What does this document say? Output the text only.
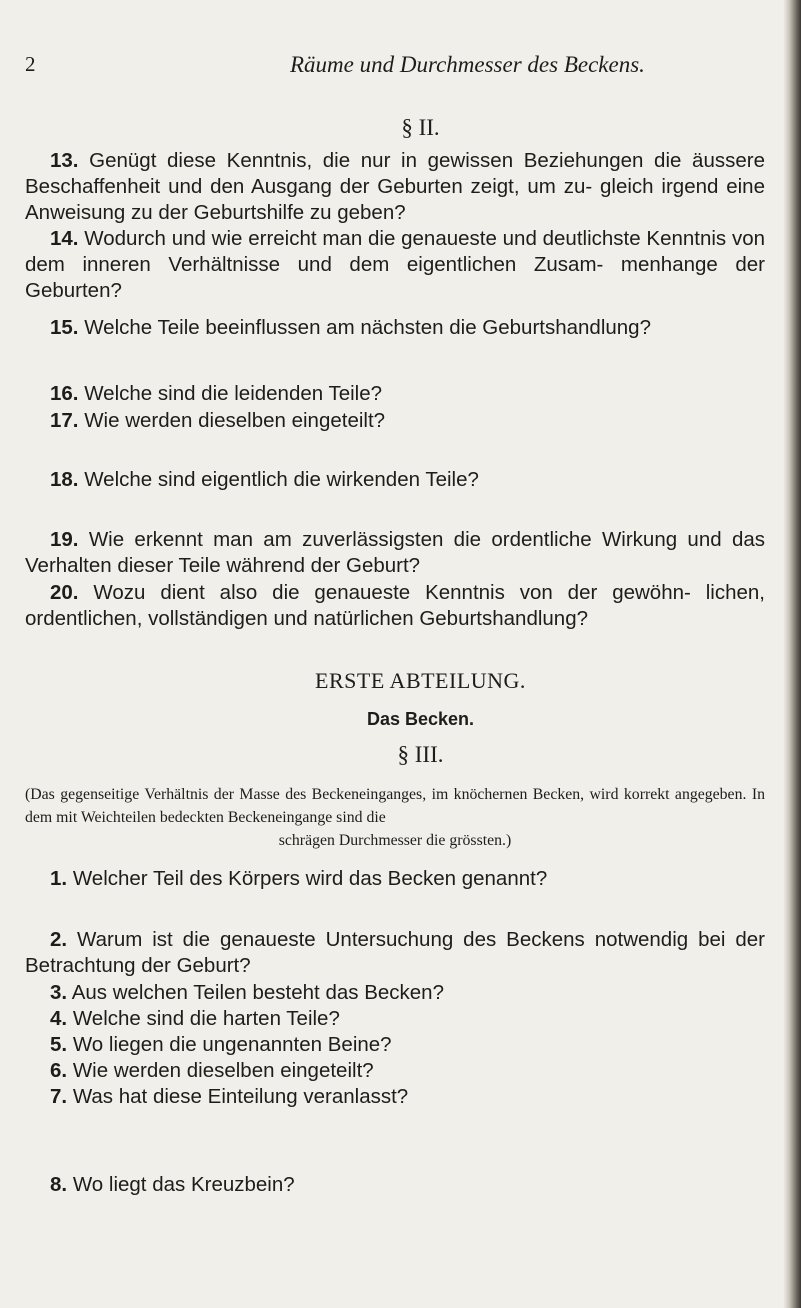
2	Räume und Durchmesser des Beckens.
§ II.
13. Genügt diese Kenntnis, die nur in gewissen Beziehungen die äussere Beschaffenheit und den Ausgang der Geburten zeigt, um zu- gleich irgend eine Anweisung zu der Geburtshilfe zu geben?
14. Wodurch und wie erreicht man die genaueste und deutlichste Kenntnis von dem inneren Verhältnisse und dem eigentlichen Zusam- menhange der Geburten?
15. Welche Teile beeinflussen am nächsten die Geburtshandlung?
16. Welche sind die leidenden Teile?
17. Wie werden dieselben eingeteilt?
18. Welche sind eigentlich die wirkenden Teile?
19. Wie erkennt man am zuverlässigsten die ordentliche Wirkung und das Verhalten dieser Teile während der Geburt?
20. Wozu dient also die genaueste Kenntnis von der gewöhn- lichen, ordentlichen, vollständigen und natürlichen Geburtshandlung?
ERSTE ABTEILUNG.
Das Becken.
§ III.
(Das gegenseitige Verhältnis der Masse des Beckeneinganges, im knöchernen Becken, wird korrekt angegeben. In dem mit Weichteilen bedeckten Beckeneingange sind die
schrägen Durchmesser die grössten.)
1. Welcher Teil des Körpers wird das Becken genannt?
2. Warum ist die genaueste Untersuchung des Beckens notwendig bei der Betrachtung der Geburt?
3. Aus welchen Teilen besteht das Becken?
4. Welche sind die harten Teile?
5. Wo liegen die ungenannten Beine?
6. Wie werden dieselben eingeteilt?
7. Was hat diese Einteilung veranlasst?
8. Wo liegt das Kreuzbein?
